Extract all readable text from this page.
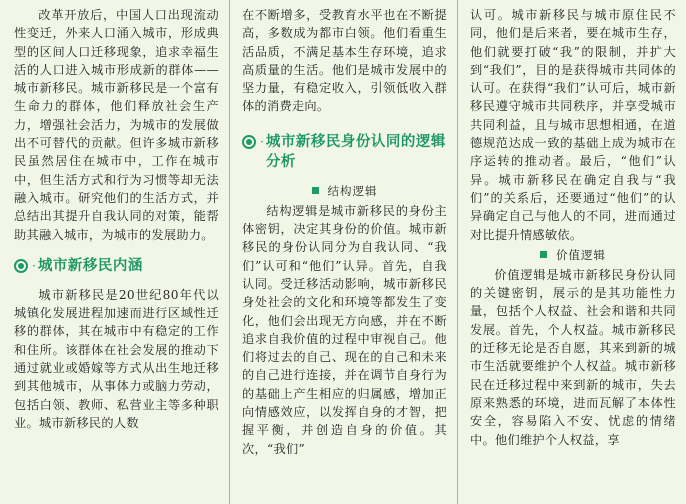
改革开放后，中国人口出现流动性变迁，外来人口涌入城市，形成典型的区间人口迁移现象，追求幸福生活的人口进入城市形成新的群体——城市新移民。城市新移民是一个富有生命力的群体，他们释放社会生产力，增强社会活力，为城市的发展做出不可替代的贡献。但许多城市新移民虽然居住在城市中，工作在城市中，但生活方式和行为习惯等却无法融入城市。研究他们的生活方式，并总结出其提升自我认同的对策，能帮助其融入城市，为城市的发展助力。

· 城市新移民内涵

城市新移民是20世纪80年代以城镇化发展进程加速而进行区域性迁移的群体，其在城市中有稳定的工作和住所。该群体在社会发展的推动下通过就业或婚嫁等方式从出生地迁移到其他城市，从事体力或脑力劳动，包括白领、教师、私营业主等多种职业。城市新移民的人数

在不断增多，受教育水平也在不断提高，多数成为都市白领。他们看重生活品质，不满足基本生存环境，追求高质量的生活。他们是城市发展中的坚力量，有稳定收入，引领低收入群体的消费走向。

· 城市新移民身份认同的逻辑分析
结构逻辑

结构逻辑是城市新移民的身份主体密钥，决定其身份的价值。城市新移民的身份认同分为自我认同、“我们”认可和“他们”认异。首先，自我认同。受迁移活动影响，城市新移民身处社会的文化和环境等都发生了变化，他们会出现无方向感，并在不断追求自我价值的过程中审视自己。他们将过去的自己、现在的自己和未来的自己进行连接，并在调节自身行为的基础上产生相应的归属感，增加正向情感效应，以发挥自身的才智，把握平衡，并创造自身的价值。其次，“我们”

认可。城市新移民与城市原住民不同，他们是后来者，要在城市生存，他们就要打破“我”的限制，并扩大到“我们”，目的是获得城市共同体的认可。在获得“我们”认可后，城市新移民遵守城市共同秩序，并享受城市共同利益，且与城市思想相通，在道德规范达成一致的基础上成为城市在序运转的推动者。最后，“他们”认异。城市新移民在确定自我与“我们”的关系后，还要通过“他们”的认异确定自己与他人的不同，进而通过对比提升情感敏依。

价值逻辑

价值逻辑是城市新移民身份认同的关键密钥，展示的是其功能性力量，包括个人权益、社会和谐和共同发展。首先，个人权益。城市新移民的迁移无论是否自愿，其来到新的城市生活就要维护个人权益。城市新移民在迁移过程中来到新的城市，失去原来熟悉的环境，进而瓦解了本体性安全，容易陷入不安、忧虑的情绪中。他们维护个人权益，享
